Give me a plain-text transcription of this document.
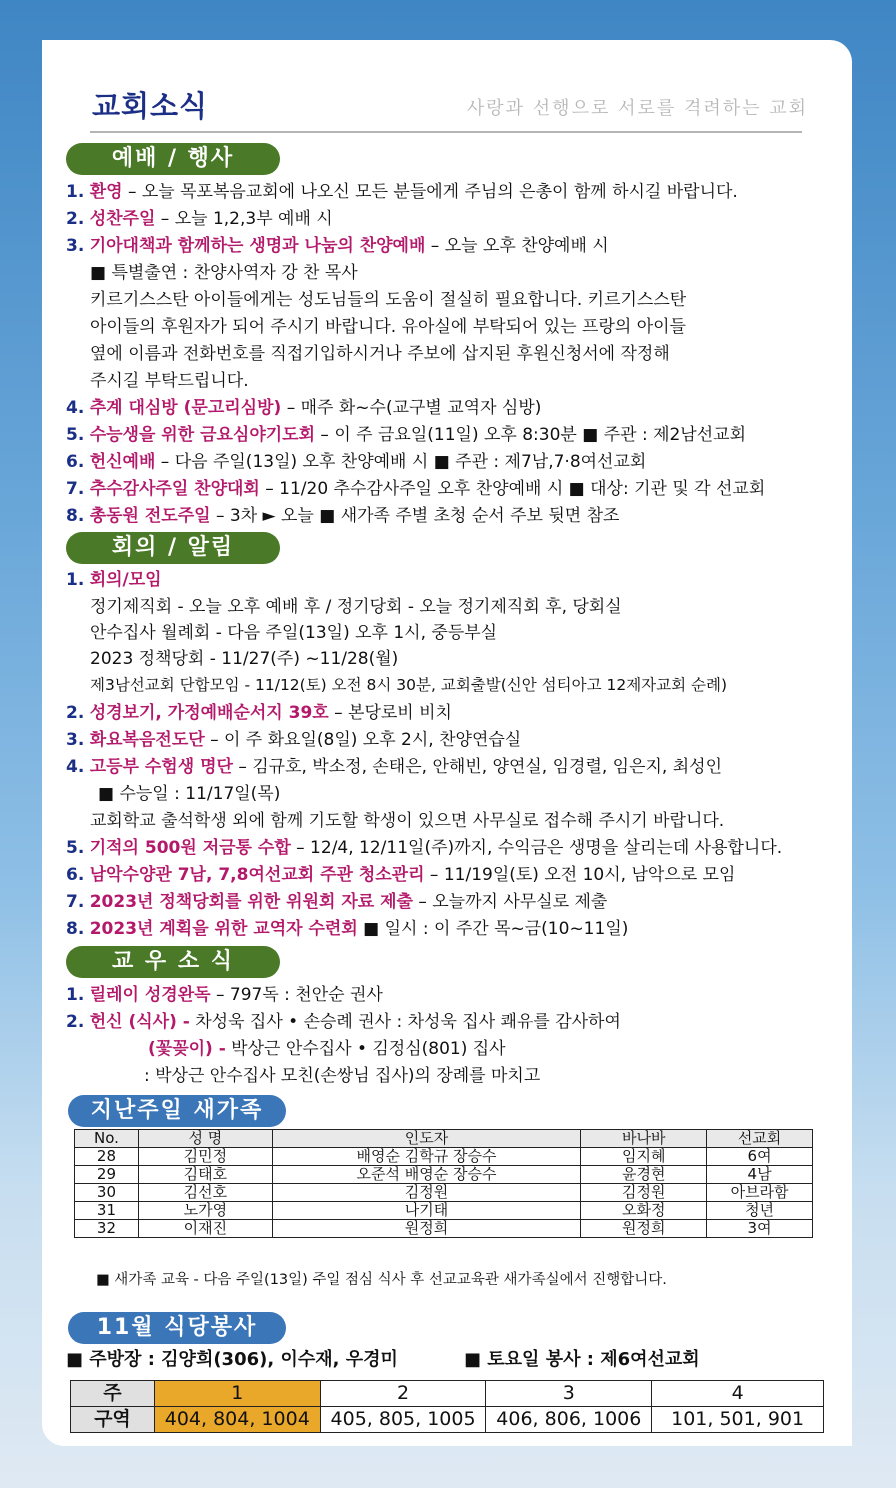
교회소식	사랑과 선행으로 서로를 격려하는 교회
예배 / 행사
1. 환영 – 오늘 목포복음교회에 나오신 모든 분들에게 주님의 은총이 함께 하시길 바랍니다.
2. 성찬주일 – 오늘 1,2,3부 예배 시
3. 기아대책과 함께하는 생명과 나눔의 찬양예배 – 오늘 오후 찬양예배 시
■ 특별출연 : 찬양사역자 강 찬 목사
키르기스스탄 아이들에게는 성도님들의 도움이 절실히 필요합니다. 키르기스스탄
아이들의 후원자가 되어 주시기 바랍니다. 유아실에 부탁되어 있는 프랑의 아이들
옆에 이름과 전화번호를 직접기입하시거나 주보에 삽지된 후원신청서에 작정해
주시길 부탁드립니다.
4. 추계 대심방 (문고리심방) – 매주 화~수(교구별 교역자 심방)
5. 수능생을 위한 금요심야기도회 – 이 주 금요일(11일) 오후 8:30분 ■ 주관 : 제2남선교회
6. 헌신예배 – 다음 주일(13일) 오후 찬양예배 시 ■ 주관 : 제7남,7·8여선교회
7. 추수감사주일 찬양대회 – 11/20 추수감사주일 오후 찬양예배 시 ■ 대상: 기관 및 각 선교회
8. 총동원 전도주일 – 3차 ► 오늘 ■ 새가족 주별 초청 순서 주보 뒷면 참조
회의 / 알림
1. 회의/모임
정기제직회 - 오늘 오후 예배 후 / 정기당회 - 오늘 정기제직회 후, 당회실
안수집사 월례회 - 다음 주일(13일) 오후 1시, 중등부실
2023 정책당회 - 11/27(주) ~11/28(월)
제3남선교회 단합모임 - 11/12(토) 오전 8시 30분, 교회출발(신안 섬티아고 12제자교회 순례)
2. 성경보기, 가정예배순서지 39호 – 본당로비 비치
3. 화요복음전도단 – 이 주 화요일(8일) 오후 2시, 찬양연습실
4. 고등부 수험생 명단 – 김규호, 박소정, 손태은, 안해빈, 양연실, 임경렬, 임은지, 최성인
■ 수능일 : 11/17일(목)
교회학교 출석학생 외에 함께 기도할 학생이 있으면 사무실로 접수해 주시기 바랍니다.
5. 기적의 500원 저금통 수합 – 12/4, 12/11일(주)까지, 수익금은 생명을 살리는데 사용합니다.
6. 남악수양관 7남, 7,8여선교회 주관 청소관리 – 11/19일(토) 오전 10시, 남악으로 모임
7. 2023년 정책당회를 위한 위원회 자료 제출 – 오늘까지 사무실로 제출
8. 2023년 계획을 위한 교역자 수련회 ■ 일시 : 이 주간 목~금(10~11일)
교 우 소 식
1. 릴레이 성경완독 – 797독 : 천안순 권사
2. 헌신 (식사) - 차성욱 집사 • 손승례 권사 : 차성욱 집사 쾌유를 감사하여
(꽃꽂이) - 박상근 안수집사 • 김정심(801) 집사
: 박상근 안수집사 모친(손쌍님 집사)의 장례를 마치고
지난주일 새가족
No.	성 명	인도자	바나바	선교회
28	김민정	배영순 김학규 장승수	임지혜	6여
29	김태호	오준석 배영순 장승수	윤경현	4남
30	김선호	김정원	김정원	아브라함
31	노가영	나기태	오화정	청년
32	이재진	원정희	원정희	3여
■ 새가족 교육 - 다음 주일(13일) 주일 점심 식사 후 선교교육관 새가족실에서 진행합니다.
11월 식당봉사
■ 주방장 : 김양희(306), 이수재, 우경미	■ 토요일 봉사 : 제6여선교회
주	1	2	3	4
구역	404, 804, 1004	405, 805, 1005	406, 806, 1006	101, 501, 901
